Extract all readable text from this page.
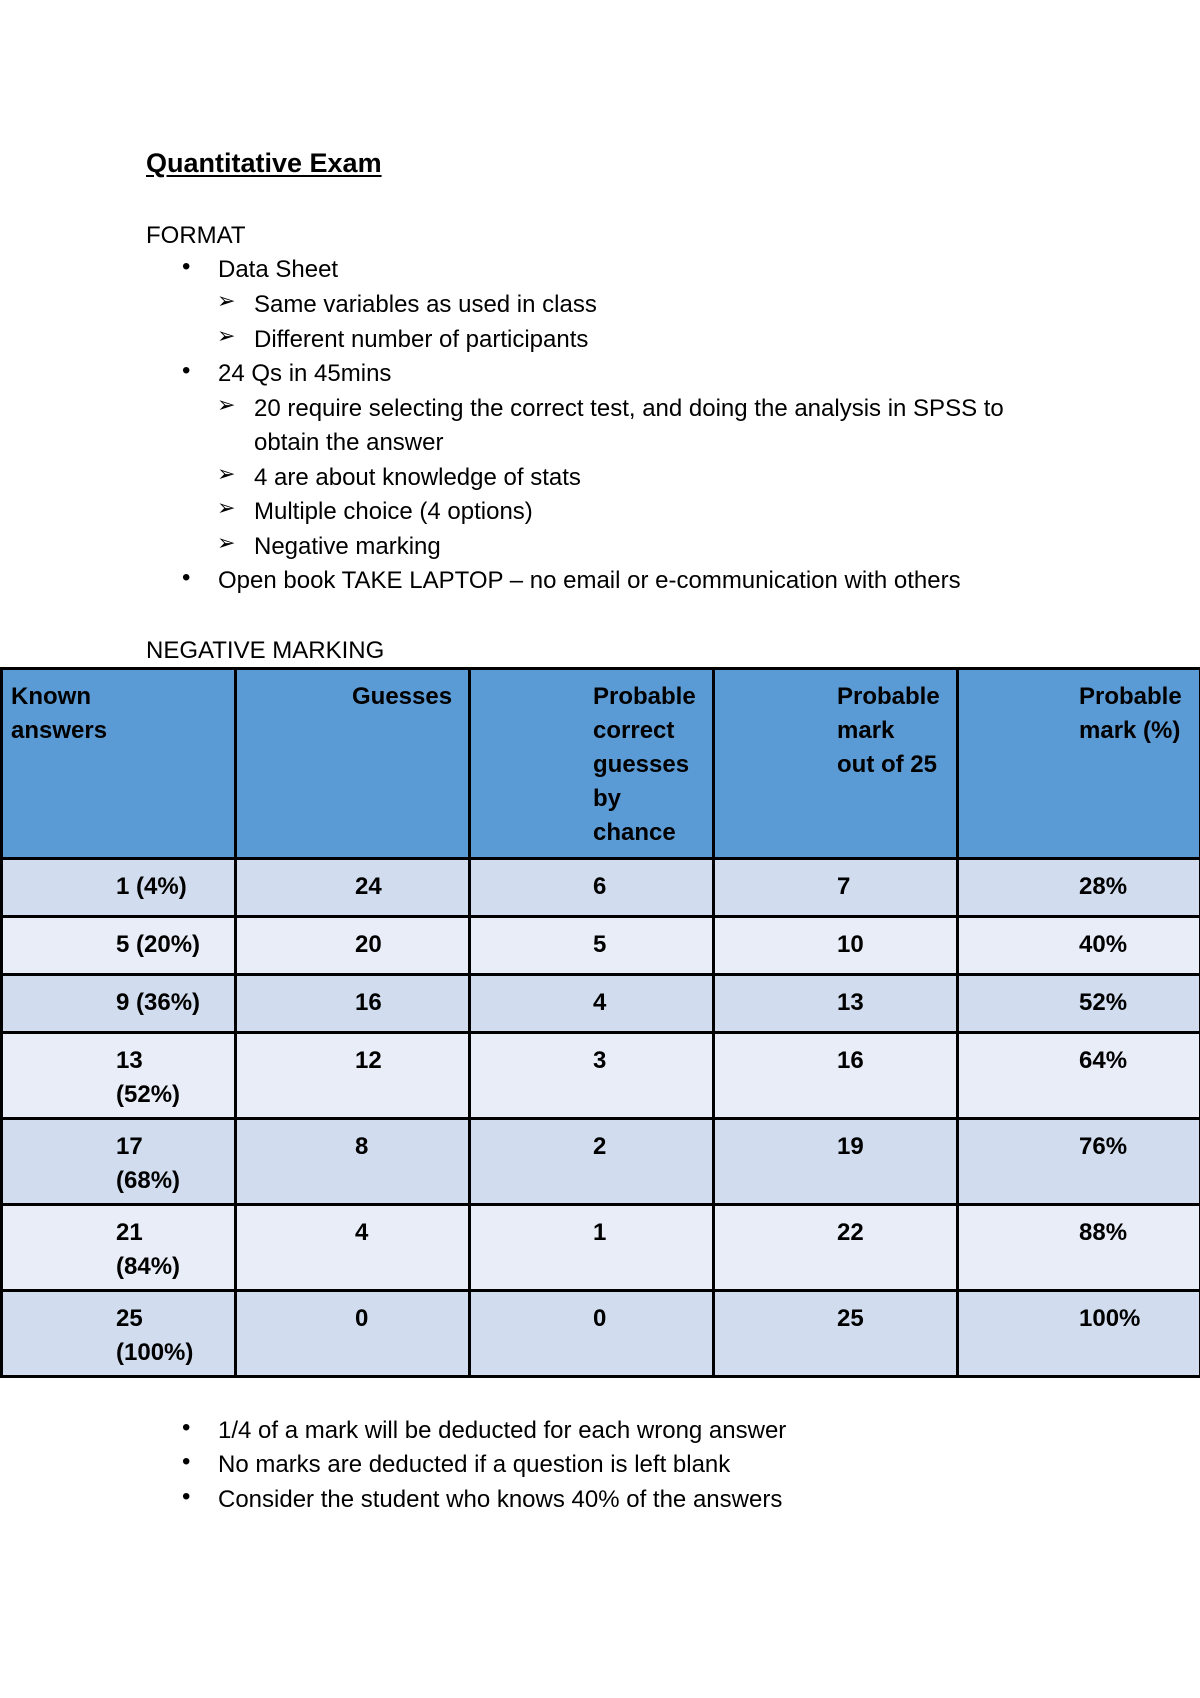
Quantitative Exam
FORMAT
• Data Sheet
➢ Same variables as used in class
➢ Different number of participants
• 24 Qs in 45mins
➢ 20 require selecting the correct test, and doing the analysis in SPSS to
obtain the answer
➢ 4 are about knowledge of stats
➢ Multiple choice (4 options)
➢ Negative marking
• Open book TAKE LAPTOP – no email or e-communication with others
NEGATIVE MARKING
Known
answers	Guesses	Probable
correct
guesses
by
chance	Probable
mark
out of 25	Probable
mark (%)

1 (4%)	24	6	7	28%

5 (20%)	20	5	10	40%

9 (36%)	16	4	13	52%

13
(52%)	12	3	16	64%

17
(68%)	8	2	19	76%

21
(84%)	4	1	22	88%

25
(100%)	0	0	25	100%
• 1/4 of a mark will be deducted for each wrong answer
• No marks are deducted if a question is left blank
• Consider the student who knows 40% of the answers
